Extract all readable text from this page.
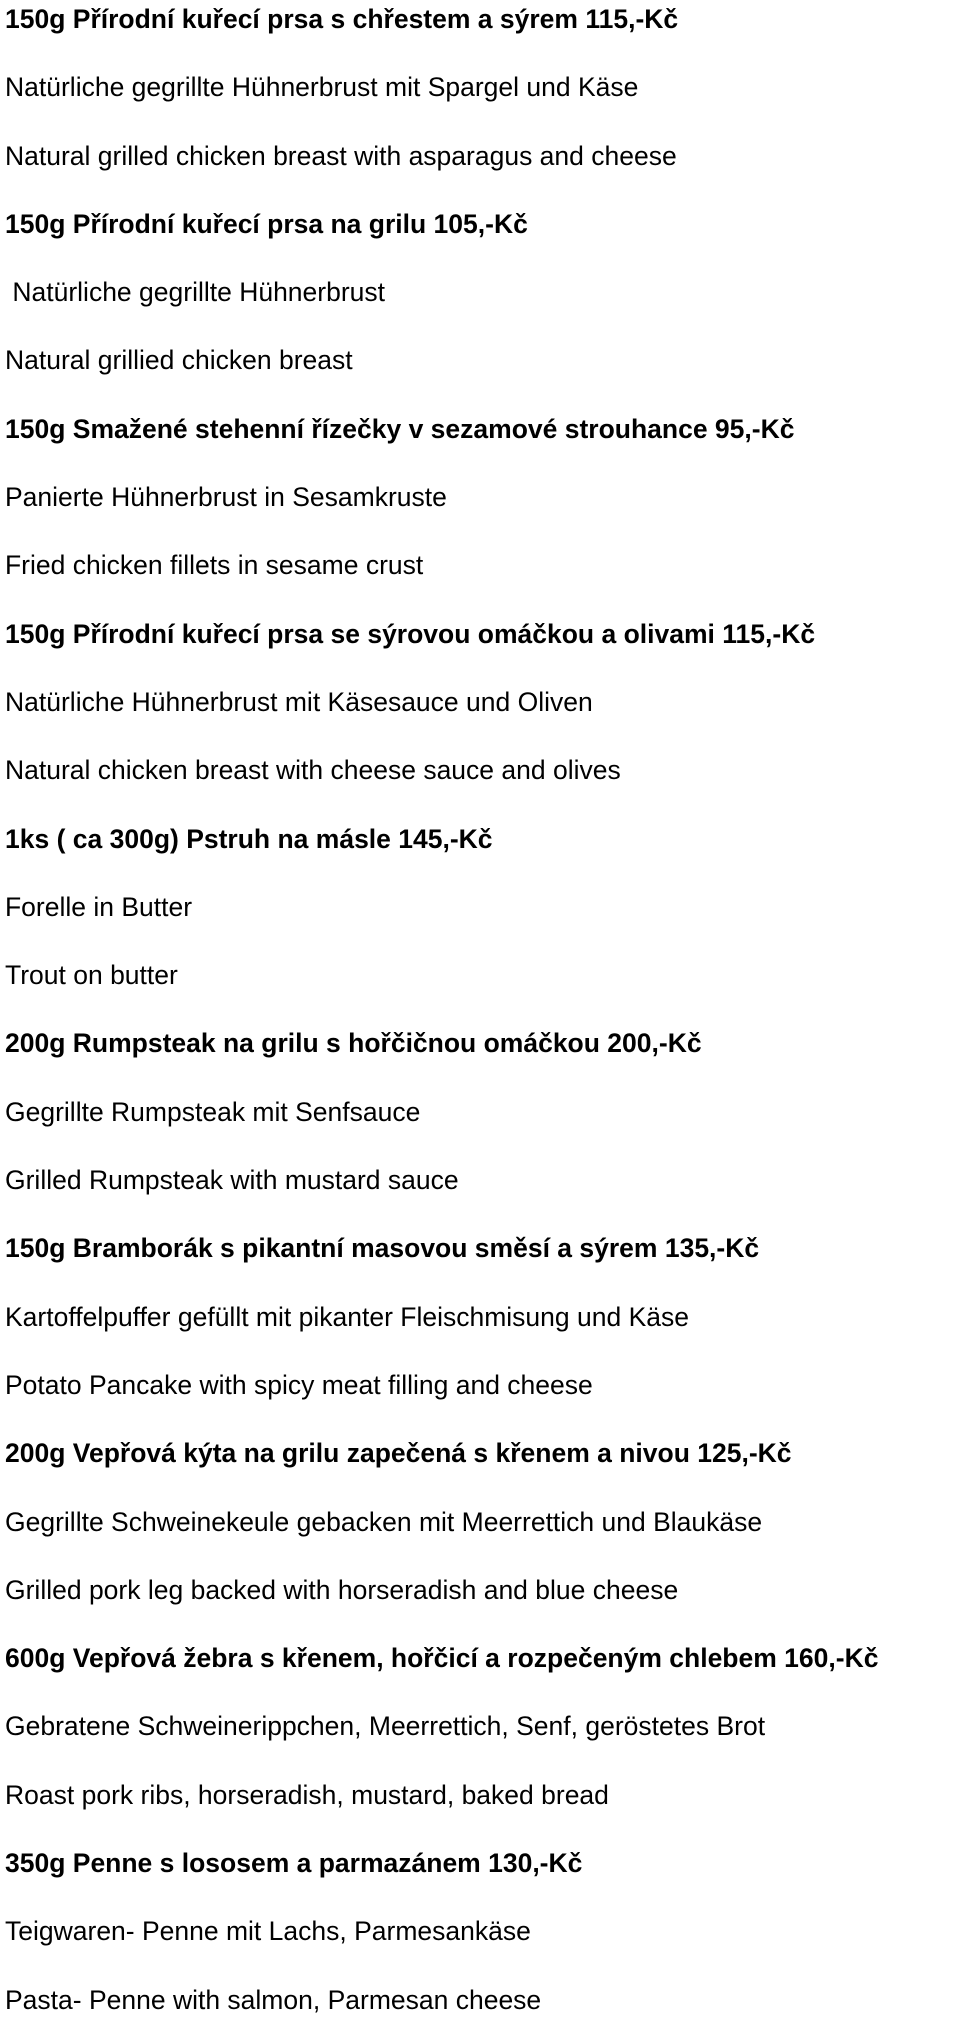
150g Přírodní kuřecí prsa s chřestem a sýrem 115,-Kč
Natürliche gegrillte Hühnerbrust mit Spargel und Käse
Natural grilled chicken breast with asparagus and cheese
150g Přírodní kuřecí prsa na grilu 105,-Kč
Natürliche gegrillte Hühnerbrust
Natural grillied chicken breast
150g Smažené stehenní řízečky v sezamové strouhance 95,-Kč
Panierte Hühnerbrust in Sesamkruste
Fried chicken fillets in sesame crust
150g Přírodní kuřecí prsa se sýrovou omáčkou a olivami 115,-Kč
Natürliche Hühnerbrust mit Käsesauce und Oliven
Natural chicken breast with cheese sauce and olives
1ks ( ca 300g) Pstruh na másle 145,-Kč
Forelle in Butter
Trout on butter
200g Rumpsteak na grilu s hořčičnou omáčkou 200,-Kč
Gegrillte Rumpsteak mit Senfsauce
Grilled Rumpsteak with mustard sauce
150g Bramborák s pikantní masovou směsí a sýrem 135,-Kč
Kartoffelpuffer gefüllt mit pikanter Fleischmisung und Käse
Potato Pancake with spicy meat filling and cheese
200g Vepřová kýta na grilu zapečená s křenem a nivou 125,-Kč
Gegrillte Schweinekeule gebacken mit Meerrettich und Blaukäse
Grilled pork leg backed with horseradish and blue cheese
600g Vepřová žebra s křenem, hořčicí a rozpečeným chlebem 160,-Kč
Gebratene Schweinerippchen, Meerrettich, Senf, geröstetes Brot
Roast pork ribs, horseradish, mustard, baked bread
350g Penne s lososem a parmazánem 130,-Kč
Teigwaren- Penne mit Lachs, Parmesankäse
Pasta- Penne with salmon, Parmesan cheese
